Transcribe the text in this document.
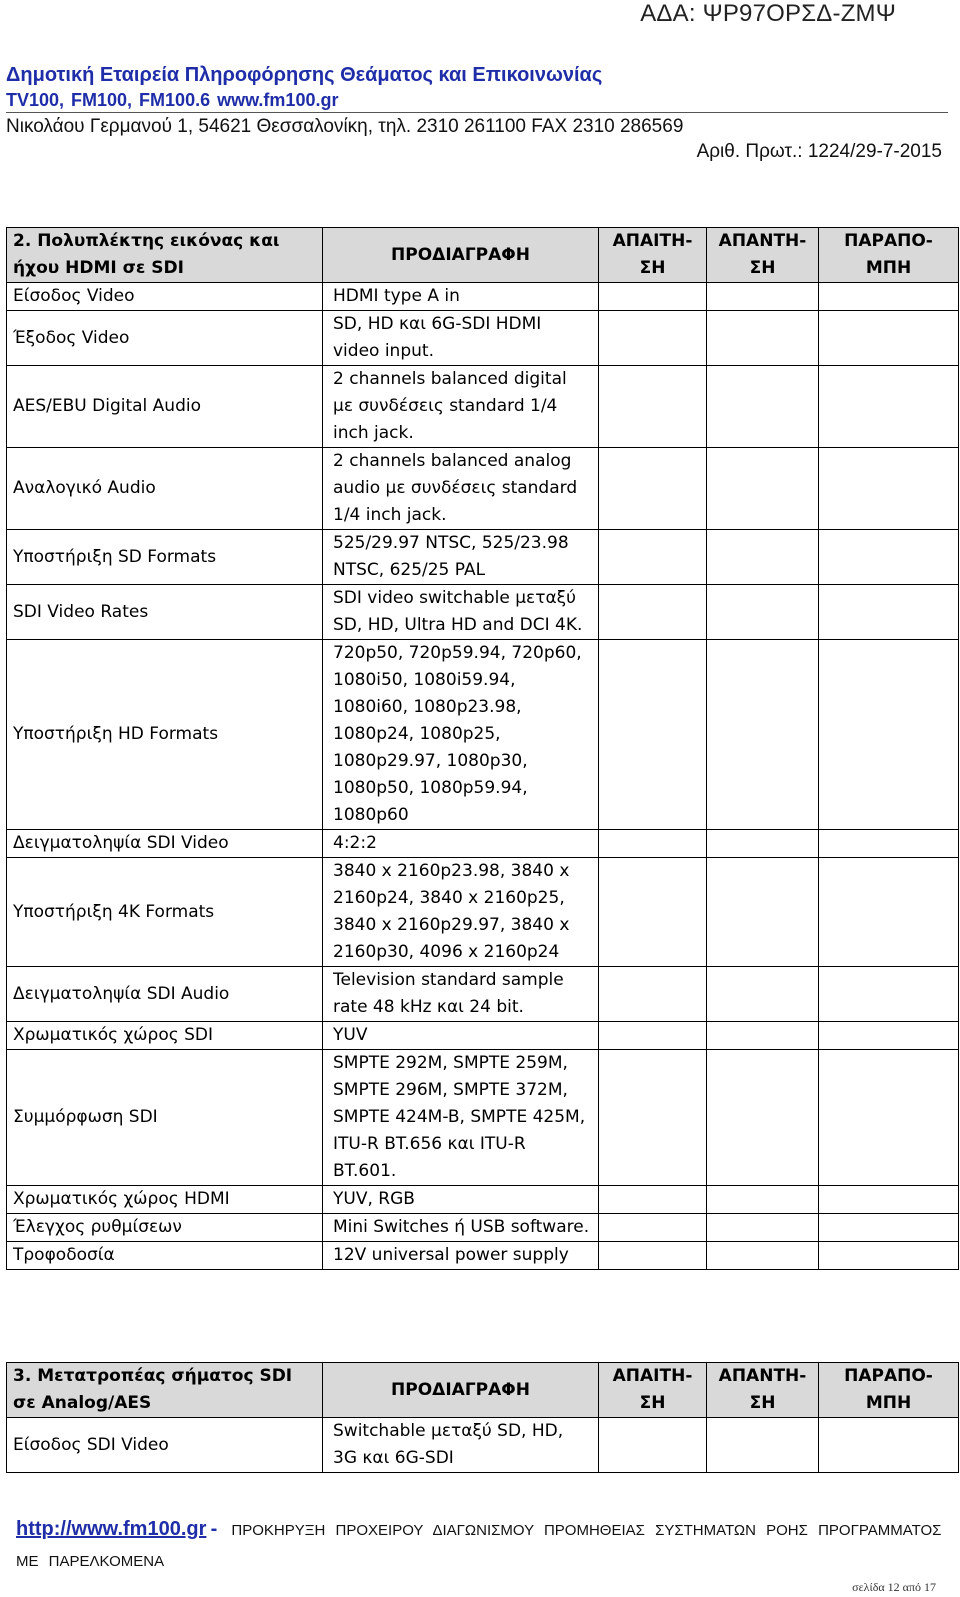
ΑΔΑ: ΨΡ97ΟΡΣΔ-ΖΜΨ
Δημοτική Εταιρεία Πληροφόρησης Θεάματος και Επικοινωνίας
TV100, FM100, FM100.6 www.fm100.gr
Νικολάου Γερμανού 1, 54621 Θεσσαλονίκη, τηλ. 2310 261100 FAX 2310 286569
Αριθ. Πρωτ.: 1224/29-7-2015
2. Πολυπλέκτης εικόνας και ήχου HDMI σε SDI	ΠΡΟΔΙΑΓΡΑΦΗ	ΑΠΑΙΤΗ-ΣΗ	ΑΠΑΝΤΗ-ΣΗ	ΠΑΡΑΠΟ-ΜΠΗ
Είσοδος Video	HDMI type A in			
Έξοδος Video	SD, HD και 6G-SDI HDMI video input.			
AES/EBU Digital Audio	2 channels balanced digital με συνδέσεις standard 1/4 inch jack.			
Αναλογικό Audio	2 channels balanced analog audio με συνδέσεις standard 1/4 inch jack.			
Υποστήριξη SD Formats	525/29.97 NTSC, 525/23.98 NTSC, 625/25 PAL			
SDI Video Rates	SDI video switchable μεταξύ SD, HD, Ultra HD and DCI 4K.			
Υποστήριξη HD Formats	720p50, 720p59.94, 720p60, 1080i50, 1080i59.94, 1080i60, 1080p23.98, 1080p24, 1080p25, 1080p29.97, 1080p30, 1080p50, 1080p59.94, 1080p60			
Δειγματοληψία SDI Video	4:2:2			
Υποστήριξη 4K Formats	3840 x 2160p23.98, 3840 x 2160p24, 3840 x 2160p25, 3840 x 2160p29.97, 3840 x 2160p30, 4096 x 2160p24			
Δειγματοληψία SDI Audio	Television standard sample rate 48 kHz και 24 bit.			
Χρωματικός χώρος SDI	YUV			
Συμμόρφωση SDI	SMPTE 292M, SMPTE 259M, SMPTE 296M, SMPTE 372M, SMPTE 424M-B, SMPTE 425M, ITU-R BT.656 και ITU-R BT.601.			
Χρωματικός χώρος HDMI	YUV, RGB			
Έλεγχος ρυθμίσεων	Mini Switches ή USB software.			
Τροφοδοσία	12V universal power supply			
3. Μετατροπέας σήματος SDI σε Analog/AES	ΠΡΟΔΙΑΓΡΑΦΗ	ΑΠΑΙΤΗ-ΣΗ	ΑΠΑΝΤΗ-ΣΗ	ΠΑΡΑΠΟ-ΜΠΗ
Είσοδος SDI Video	Switchable μεταξύ SD, HD, 3G και 6G-SDI			
http://www.fm100.gr - ΠΡΟΚΗΡΥΞΗ ΠΡΟΧΕΙΡΟΥ ΔΙΑΓΩΝΙΣΜΟΥ ΠΡΟΜΗΘΕΙΑΣ ΣΥΣΤΗΜΑΤΩΝ ΡΟΗΣ ΠΡΟΓΡΑΜΜΑΤΟΣ ΜΕ ΠΑΡΕΛΚΟΜΕΝΑ
σελίδα 12 από 17
